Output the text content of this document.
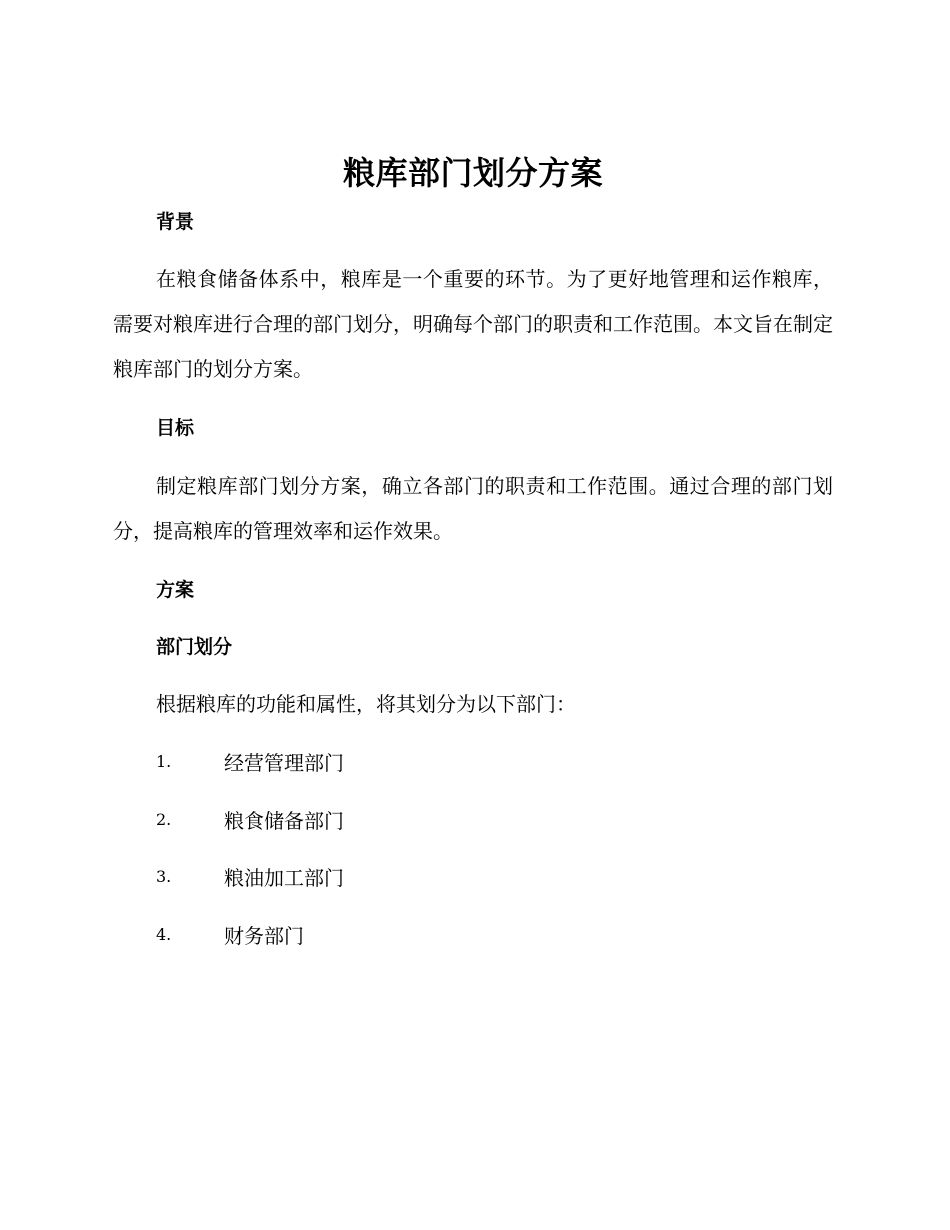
粮库部门划分方案
背景

在粮食储备体系中，粮库是一个重要的环节。为了更好地管理和运作粮库，需要对粮库进行合理的部门划分，明确每个部门的职责和工作范围。本文旨在制定粮库部门的划分方案。

目标

制定粮库部门划分方案，确立各部门的职责和工作范围。通过合理的部门划分，提高粮库的管理效率和运作效果。

方案
部门划分

根据粮库的功能和属性，将其划分为以下部门：

1.	经营管理部门
2.	粮食储备部门
3.	粮油加工部门
4.	财务部门
